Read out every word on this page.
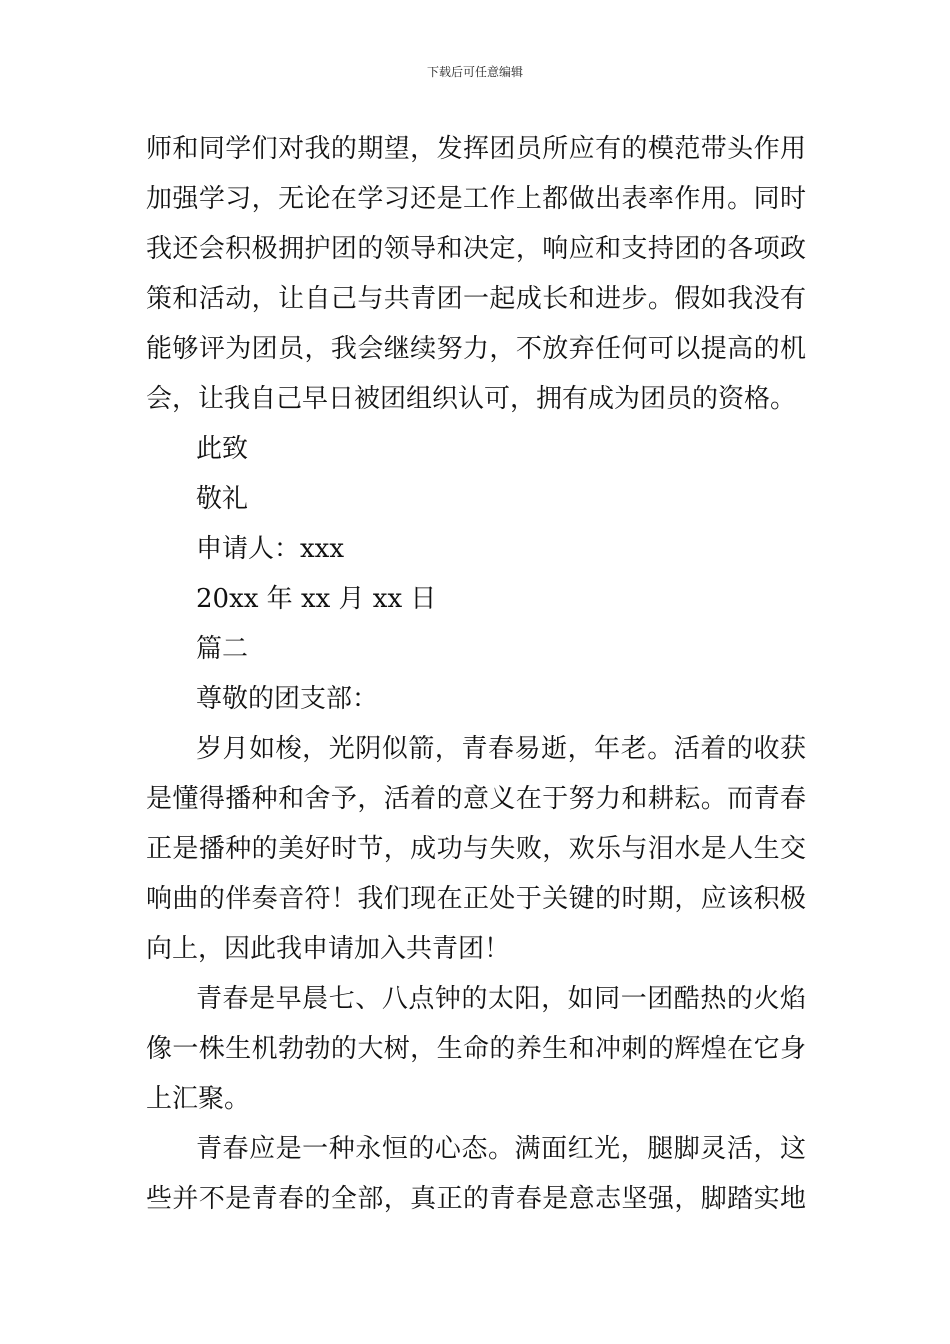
下载后可任意编辑
师和同学们对我的期望，发挥团员所应有的模范带头作用
加强学习，无论在学习还是工作上都做出表率作用。同时
我还会积极拥护团的领导和决定，响应和支持团的各项政
策和活动，让自己与共青团一起成长和进步。假如我没有
能够评为团员，我会继续努力，不放弃任何可以提高的机
会，让我自己早日被团组织认可，拥有成为团员的资格。
此致
敬礼
申请人：xxx
20xx 年 xx 月 xx 日
篇二
尊敬的团支部：
岁月如梭，光阴似箭，青春易逝，年老。活着的收获
是懂得播种和舍予，活着的意义在于努力和耕耘。而青春
正是播种的美好时节，成功与失败，欢乐与泪水是人生交
响曲的伴奏音符！我们现在正处于关键的时期，应该积极
向上，因此我申请加入共青团！
青春是早晨七、八点钟的太阳，如同一团酷热的火焰
像一株生机勃勃的大树，生命的养生和冲刺的辉煌在它身
上汇聚。
青春应是一种永恒的心态。满面红光，腿脚灵活，这
些并不是青春的全部，真正的青春是意志坚强，脚踏实地
